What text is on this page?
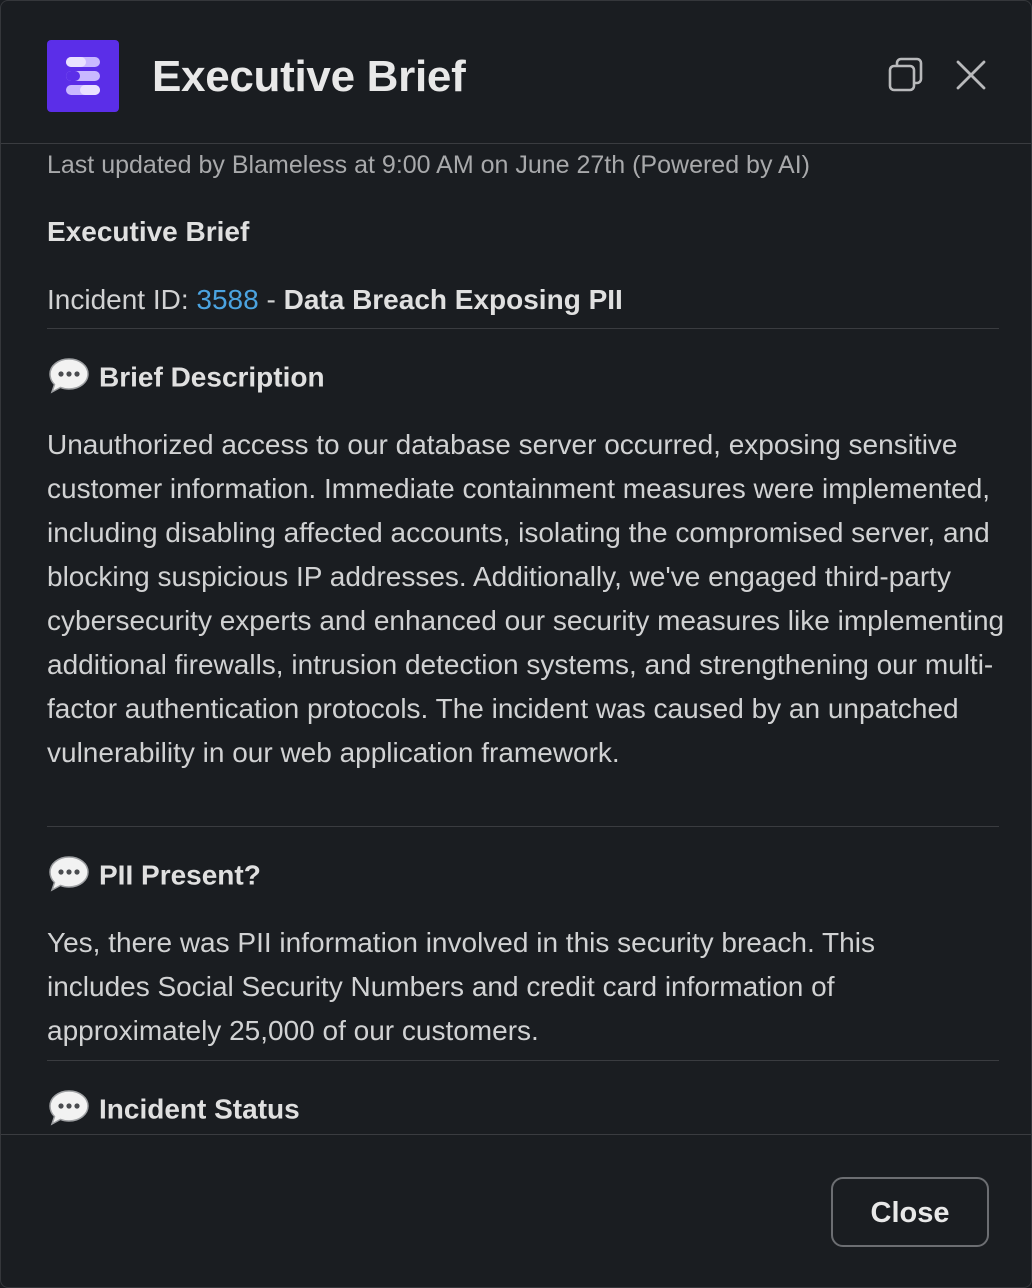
Executive Brief
Last updated by Blameless at 9:00 AM on June 27th (Powered by AI)
Executive Brief
Incident ID: 3588 - Data Breach Exposing PII
Brief Description
Unauthorized access to our database server occurred, exposing sensitive customer information. Immediate containment measures were implemented, including disabling affected accounts, isolating the compromised server, and blocking suspicious IP addresses. Additionally, we've engaged third-party cybersecurity experts and enhanced our security measures like implementing additional firewalls, intrusion detection systems, and strengthening our multi-factor authentication protocols. The incident was caused by an unpatched vulnerability in our web application framework.
PII Present?
Yes, there was PII information involved in this security breach. This includes Social Security Numbers and credit card information of approximately 25,000 of our customers.
Incident Status
Close
